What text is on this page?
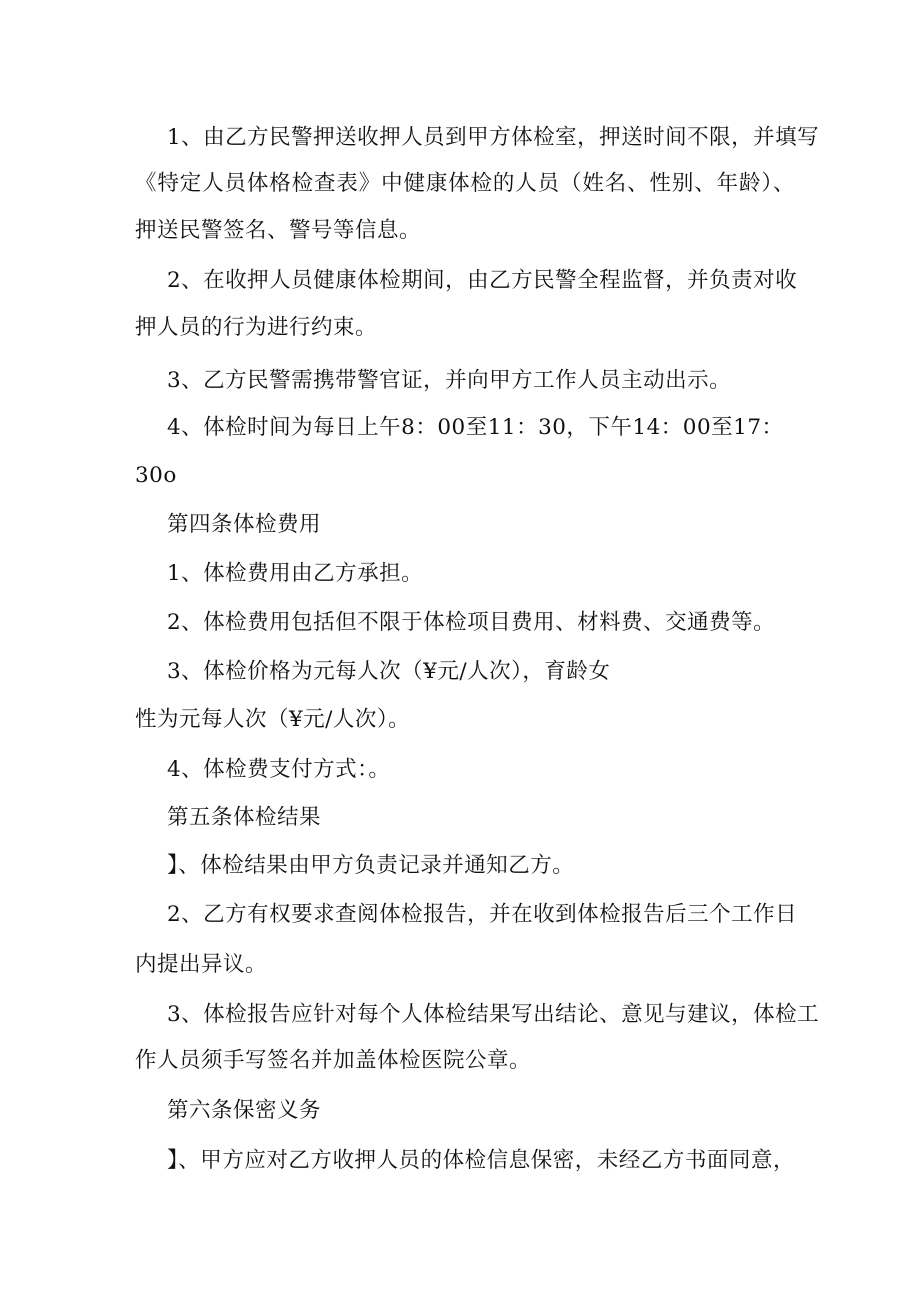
1、由乙方民警押送收押人员到甲方体检室，押送时间不限，并填写
《特定人员体格检查表》中健康体检的人员（姓名、性别、年龄）、
押送民警签名、警号等信息。
2、在收押人员健康体检期间，由乙方民警全程监督，并负责对收
押人员的行为进行约束。
3、乙方民警需携带警官证，并向甲方工作人员主动出示。
4、体检时间为每日上午8：00至11：30，下午14：00至17：
30o
第四条体检费用
1、体检费用由乙方承担。
2、体检费用包括但不限于体检项目费用、材料费、交通费等。
3、体检价格为元每人次（¥元/人次），育龄女
性为元每人次（¥元/人次）。
4、体检费支付方式：。
第五条体检结果
】、体检结果由甲方负责记录并通知乙方。
2、乙方有权要求查阅体检报告，并在收到体检报告后三个工作日
内提出异议。
3、体检报告应针对每个人体检结果写出结论、意见与建议，体检工
作人员须手写签名并加盖体检医院公章。
第六条保密义务
】、甲方应对乙方收押人员的体检信息保密，未经乙方书面同意，
